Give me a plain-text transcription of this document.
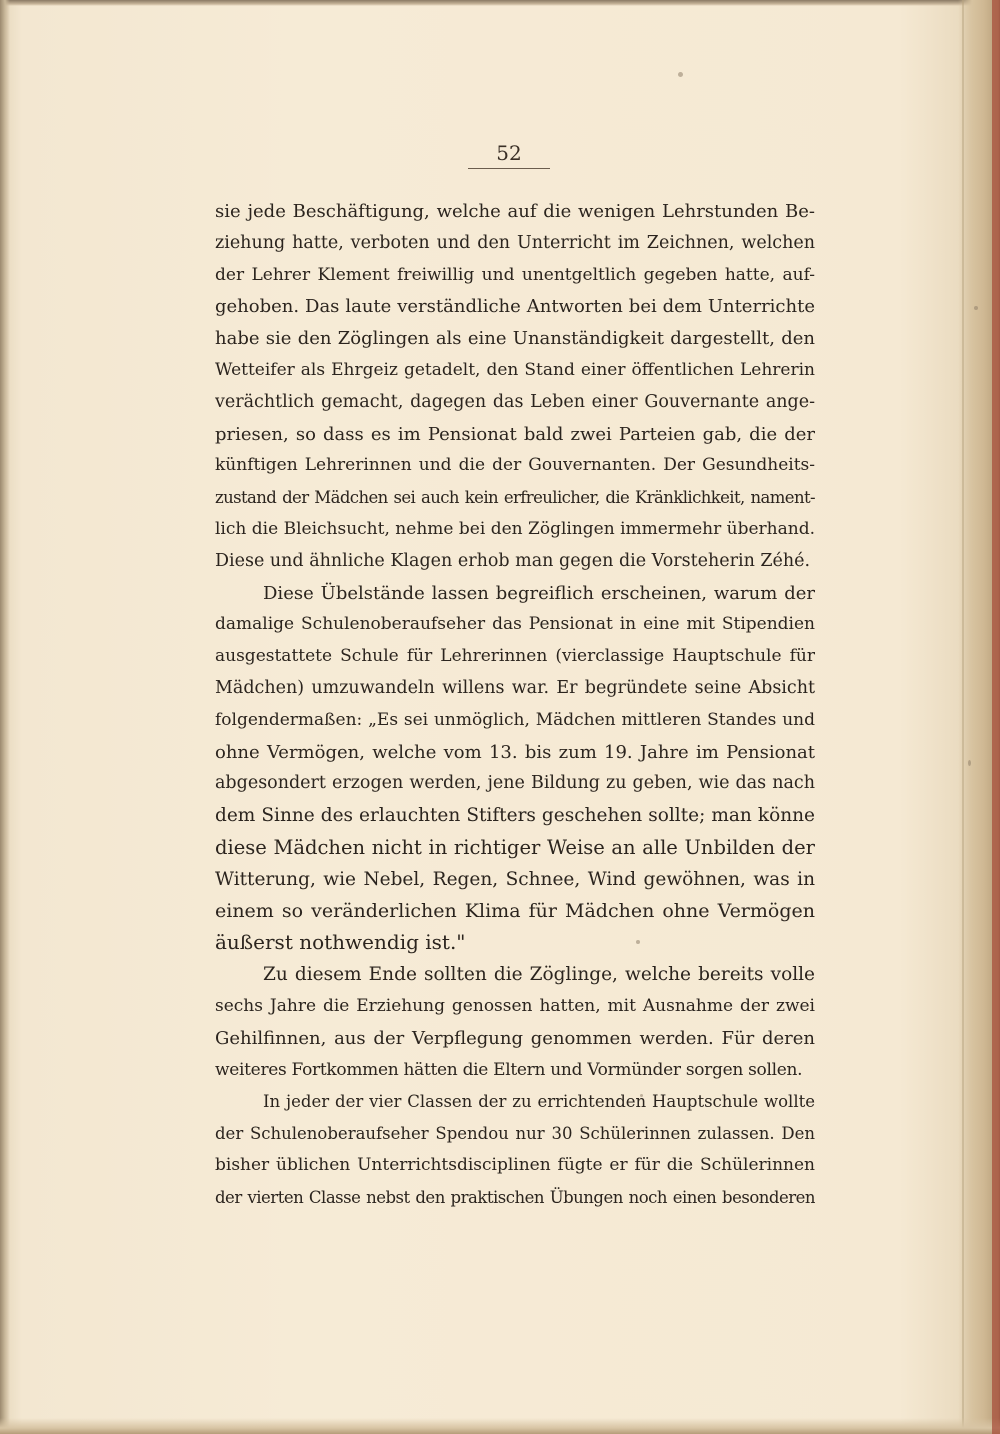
52
sie jede Beschäftigung, welche auf die wenigen Lehrstunden Be-
ziehung hatte, verboten und den Unterricht im Zeichnen, welchen
der Lehrer Klement freiwillig und unentgeltlich gegeben hatte, auf-
gehoben. Das laute verständliche Antworten bei dem Unterrichte
habe sie den Zöglingen als eine Unanständigkeit dargestellt, den
Wetteifer als Ehrgeiz getadelt, den Stand einer öffentlichen Lehrerin
verächtlich gemacht, dagegen das Leben einer Gouvernante ange-
priesen, so dass es im Pensionat bald zwei Parteien gab, die der
künftigen Lehrerinnen und die der Gouvernanten. Der Gesundheits-
zustand der Mädchen sei auch kein erfreulicher, die Kränklichkeit, nament-
lich die Bleichsucht, nehme bei den Zöglingen immermehr überhand.
Diese und ähnliche Klagen erhob man gegen die Vorsteherin Zéhé.
Diese Übelstände lassen begreiflich erscheinen, warum der
damalige Schulenoberaufseher das Pensionat in eine mit Stipendien
ausgestattete Schule für Lehrerinnen (vierclassige Hauptschule für
Mädchen) umzuwandeln willens war. Er begründete seine Absicht
folgendermaßen: „Es sei unmöglich, Mädchen mittleren Standes und
ohne Vermögen, welche vom 13. bis zum 19. Jahre im Pensionat
abgesondert erzogen werden, jene Bildung zu geben, wie das nach
dem Sinne des erlauchten Stifters geschehen sollte; man könne
diese Mädchen nicht in richtiger Weise an alle Unbilden der
Witterung, wie Nebel, Regen, Schnee, Wind gewöhnen, was in
einem so veränderlichen Klima für Mädchen ohne Vermögen
äußerst nothwendig ist."
Zu diesem Ende sollten die Zöglinge, welche bereits volle
sechs Jahre die Erziehung genossen hatten, mit Ausnahme der zwei
Gehilfinnen, aus der Verpflegung genommen werden. Für deren
weiteres Fortkommen hätten die Eltern und Vormünder sorgen sollen.
In jeder der vier Classen der zu errichtenden Hauptschule wollte
der Schulenoberaufseher Spendou nur 30 Schülerinnen zulassen. Den
bisher üblichen Unterrichtsdisciplinen fügte er für die Schülerinnen
der vierten Classe nebst den praktischen Übungen noch einen besonderen
